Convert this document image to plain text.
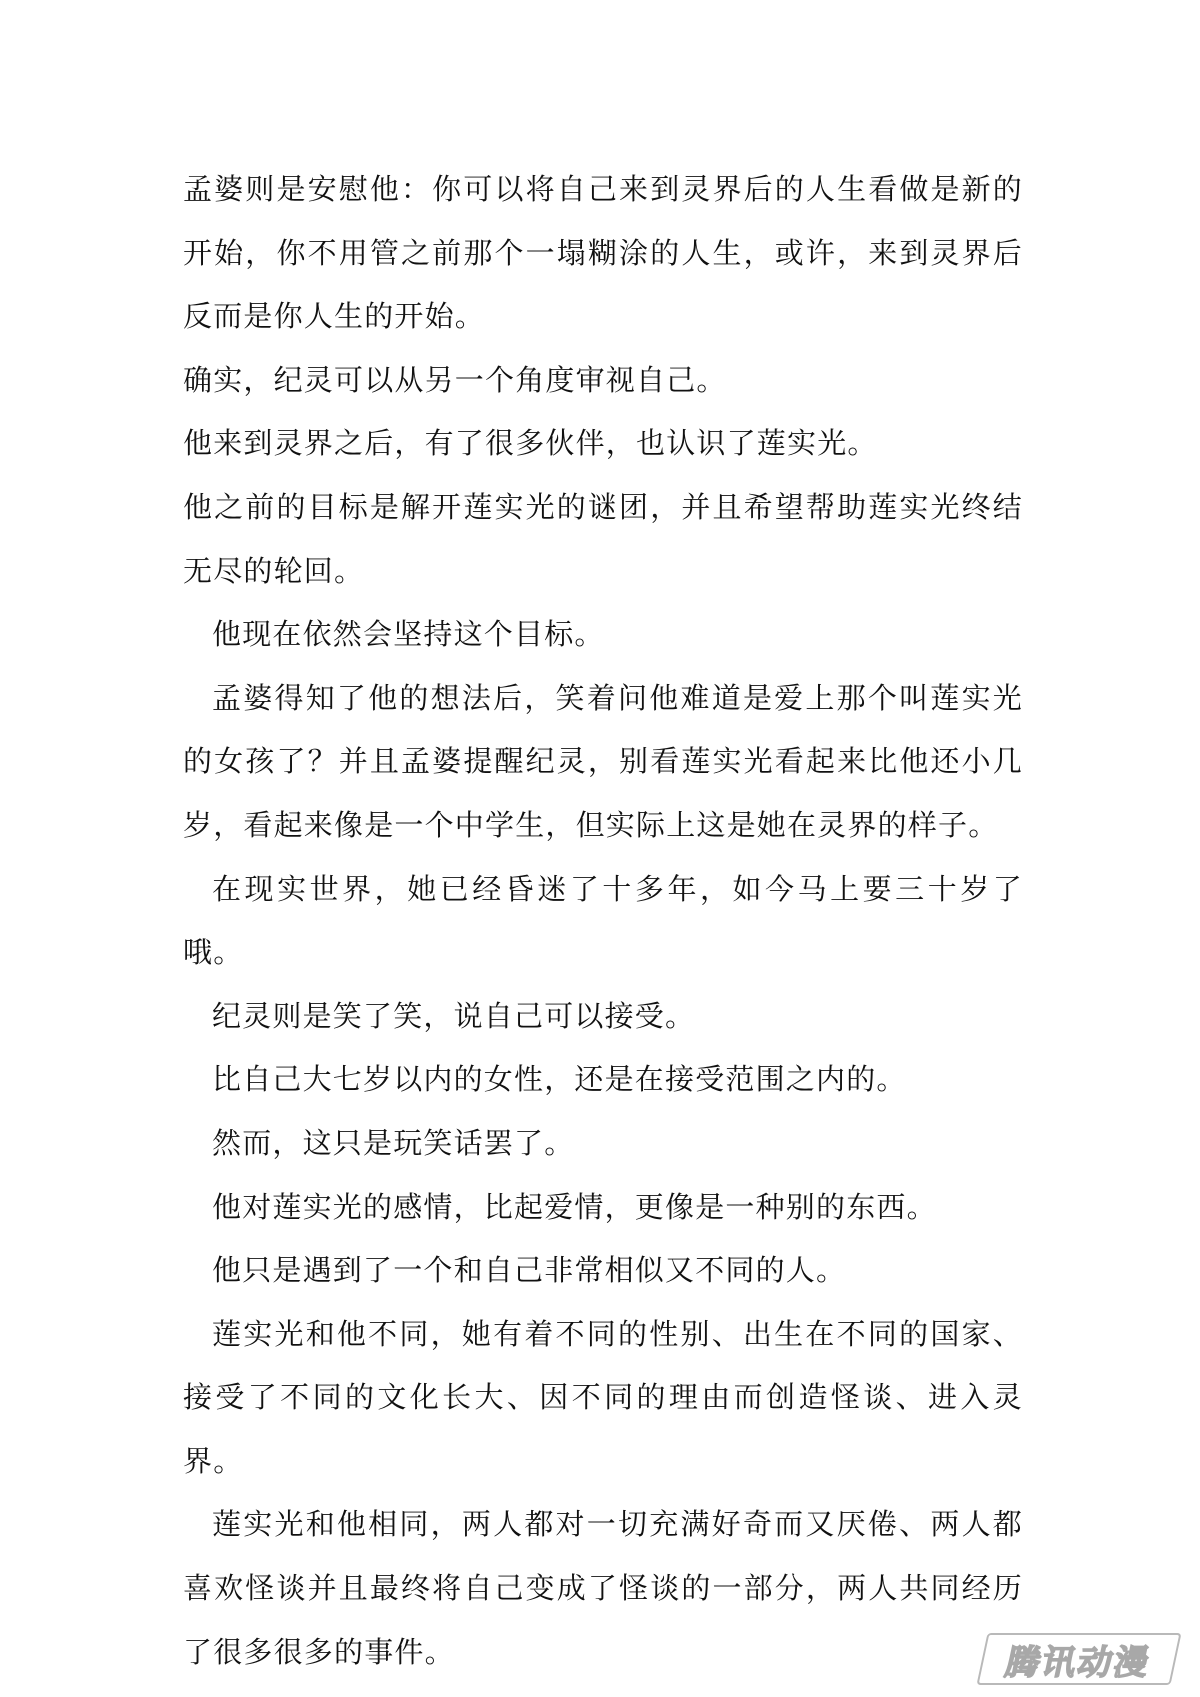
孟婆则是安慰他：你可以将自己来到灵界后的人生看做是新的开始，你不用管之前那个一塌糊涂的人生，或许，来到灵界后反而是你人生的开始。

确实，纪灵可以从另一个角度审视自己。

他来到灵界之后，有了很多伙伴，也认识了莲实光。

他之前的目标是解开莲实光的谜团，并且希望帮助莲实光终结无尽的轮回。

他现在依然会坚持这个目标。

孟婆得知了他的想法后，笑着问他难道是爱上那个叫莲实光的女孩了？并且孟婆提醒纪灵，别看莲实光看起来比他还小几岁，看起来像是一个中学生，但实际上这是她在灵界的样子。

在现实世界，她已经昏迷了十多年，如今马上要三十岁了哦。

纪灵则是笑了笑，说自己可以接受。

比自己大七岁以内的女性，还是在接受范围之内的。

然而，这只是玩笑话罢了。

他对莲实光的感情，比起爱情，更像是一种别的东西。

他只是遇到了一个和自己非常相似又不同的人。

莲实光和他不同，她有着不同的性别、出生在不同的国家、接受了不同的文化长大、因不同的理由而创造怪谈、进入灵界。

莲实光和他相同，两人都对一切充满好奇而又厌倦、两人都喜欢怪谈并且最终将自己变成了怪谈的一部分，两人共同经历了很多很多的事件。	腾讯动漫
